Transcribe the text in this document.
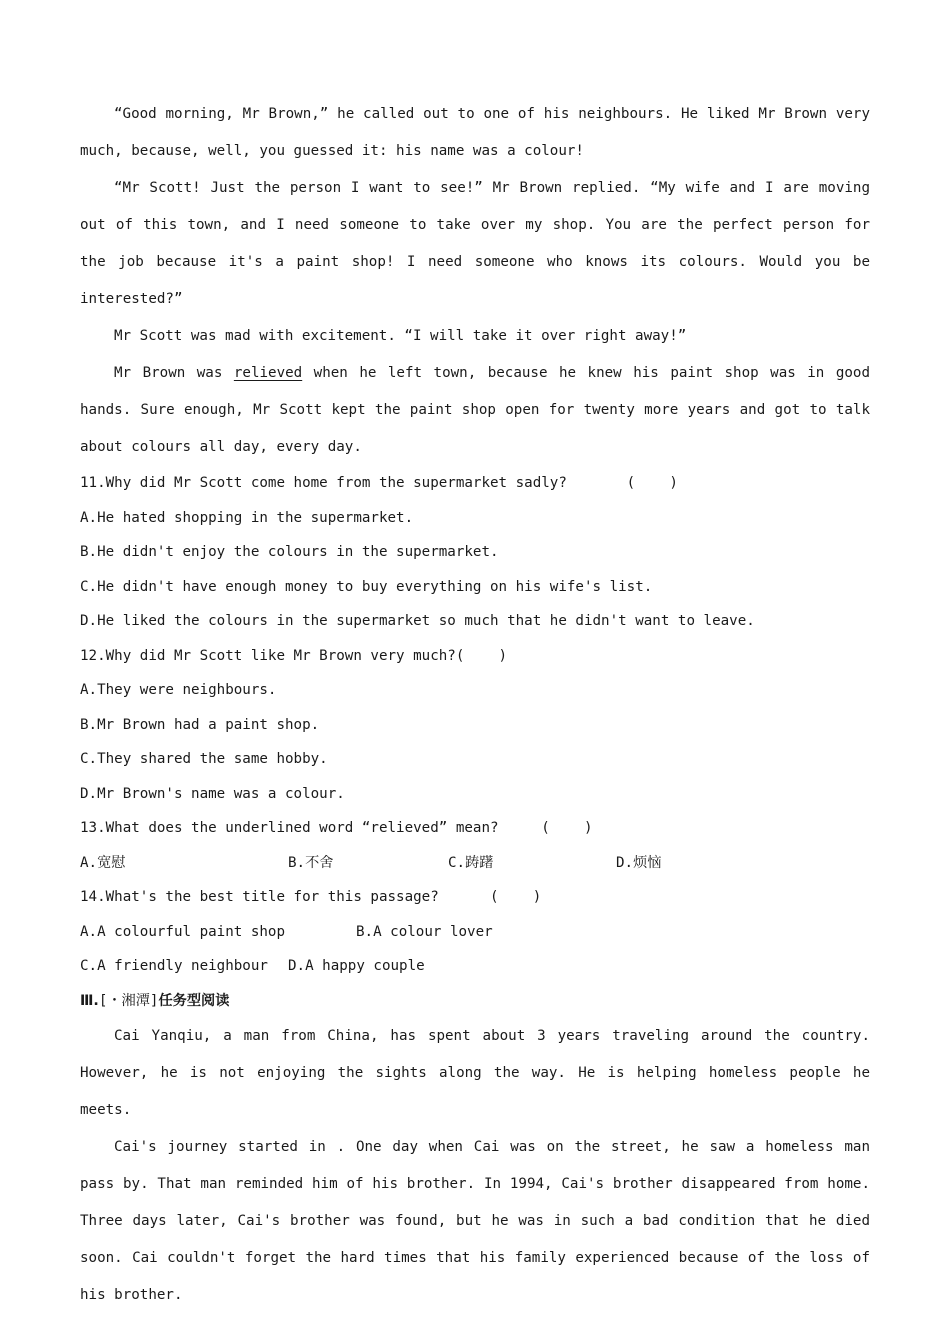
“Good morning, Mr Brown,” he called out to one of his neighbours. He liked Mr Brown very much, because, well, you guessed it: his name was a colour!

“Mr Scott! Just the person I want to see!” Mr Brown replied. “My wife and I are moving out of this town, and I need someone to take over my shop. You are the perfect person for the job because it's a paint shop! I need someone who knows its colours. Would you be interested?”

Mr Scott was mad with excitement. “I will take it over right away!”

Mr Brown was relieved when he left town, because he knew his paint shop was in good hands. Sure enough, Mr Scott kept the paint shop open for twenty more years and got to talk about colours all day, every day.

11.Why did Mr Scott come home from the supermarket sadly?       (    )

A.He hated shopping in the supermarket.

B.He didn't enjoy the colours in the supermarket.

C.He didn't have enough money to buy everything on his wife's list.

D.He liked the colours in the supermarket so much that he didn't want to leave.

12.Why did Mr Scott like Mr Brown very much?(    )

A.They were neighbours.

B.Mr Brown had a paint shop.

C.They shared the same hobby.

D.Mr Brown's name was a colour.

13.What does the underlined word “relieved” mean?     (    )

A.宽慰	B.不舍	C.踌躇	D.烦恼

14.What's the best title for this passage?      (    )

A.A colourful paint shop	B.A colour lover
C.A friendly neighbour	D.A happy couple

Ⅲ.[・湘潭]任务型阅读

Cai Yanqiu, a man from China, has spent about 3 years traveling around the country. However, he is not enjoying the sights along the way. He is helping homeless people he meets.

Cai's journey started in . One day when Cai was on the street, he saw a homeless man pass by. That man reminded him of his brother. In 1994, Cai's brother disappeared from home. Three days later, Cai's brother was found, but he was in such a bad condition that he died soon. Cai couldn't forget the hard times that his family experienced because of the loss of his brother.
